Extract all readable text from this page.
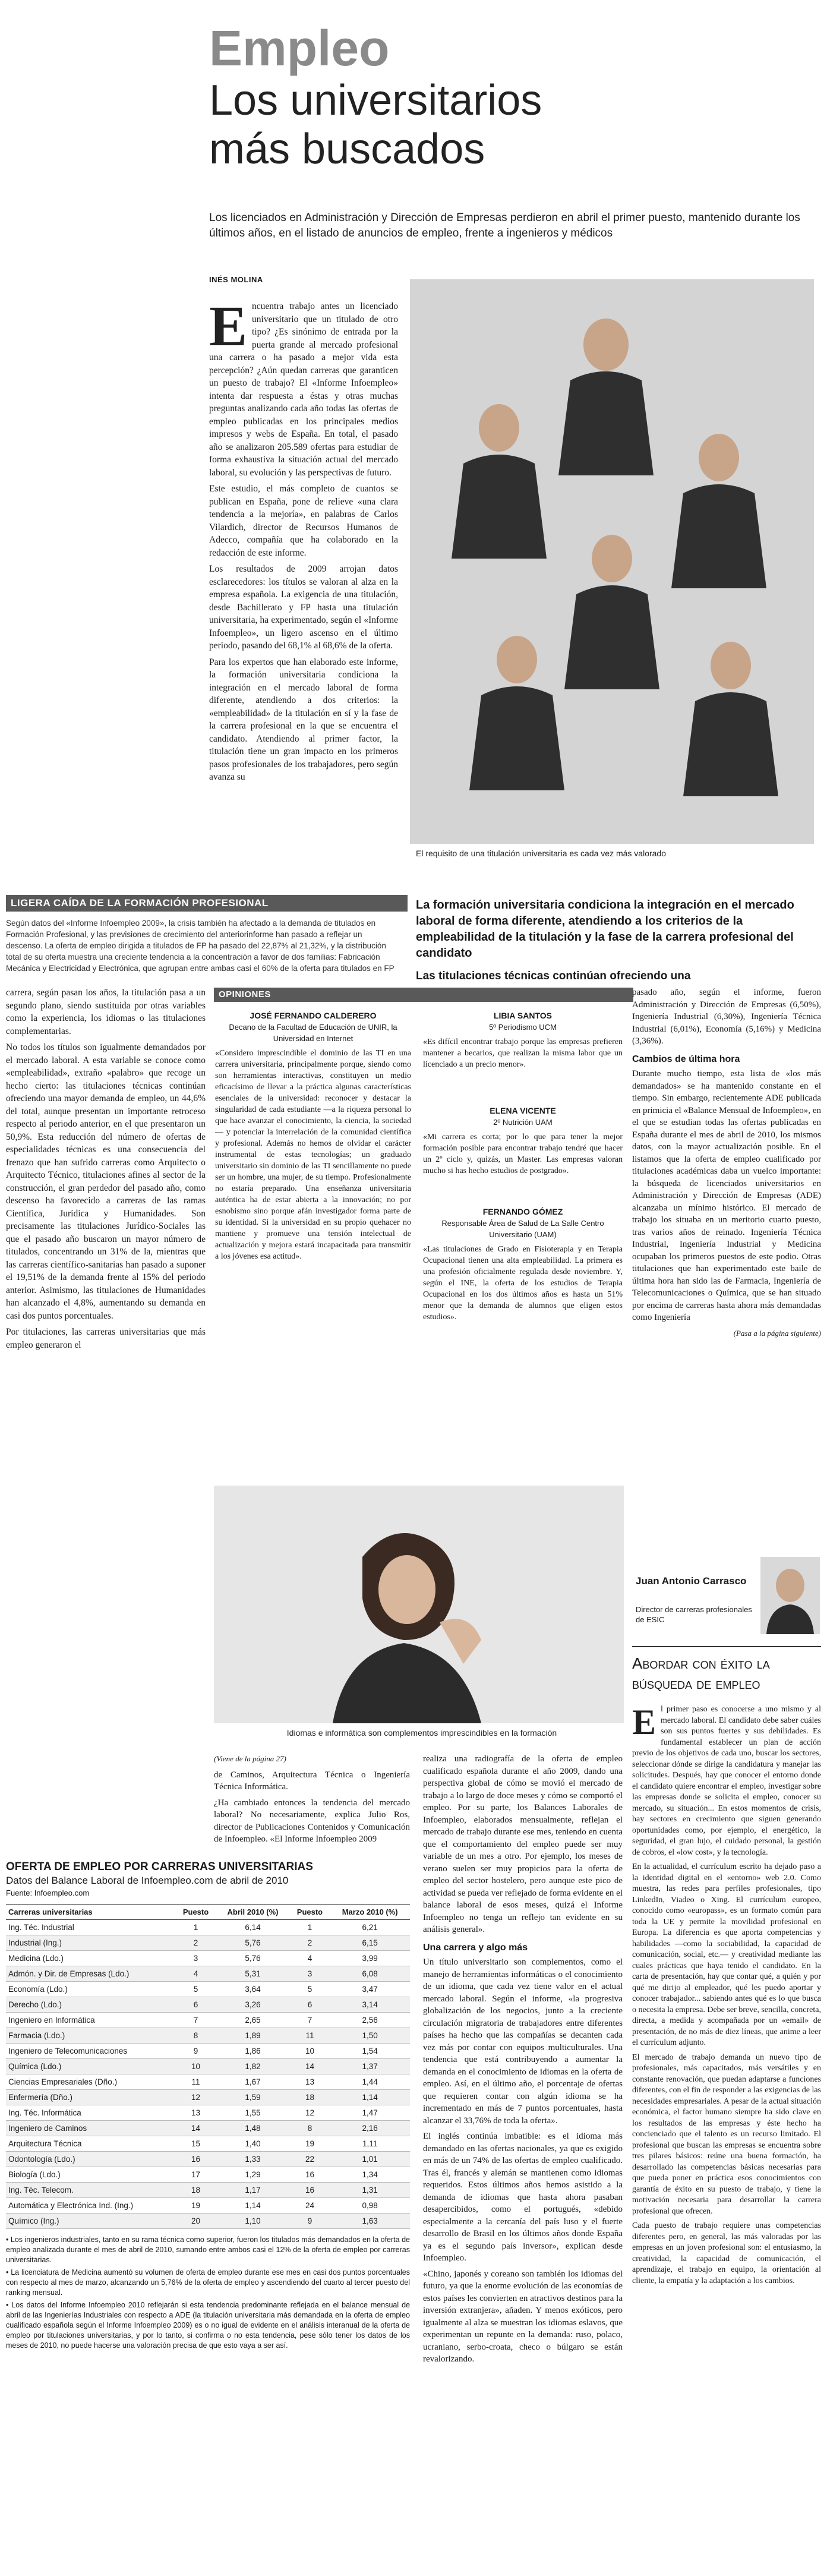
Empleo
Los universitarios
más buscados
Los licenciados en Administración y Dirección de Empresas perdieron en abril el primer puesto, mantenido durante los últimos años, en el listado de anuncios de empleo, frente a ingenieros y médicos
INÉS MOLINA

Encuentra trabajo antes un licenciado universitario que un titulado de otro tipo? ¿Es sinónimo de entrada por la puerta grande al mercado profesional una carrera o ha pasado a mejor vida esta percepción? ¿Aún quedan carreras que garanticen un puesto de trabajo? El «Informe Infoempleo» intenta dar respuesta a éstas y otras muchas preguntas analizando cada año todas las ofertas de empleo publicadas en los principales medios impresos y webs de España. En total, el pasado año se analizaron 205.589 ofertas para estudiar de forma exhaustiva la situación actual del mercado laboral, su evolución y las perspectivas de futuro.

Este estudio, el más completo de cuantos se publican en España, pone de relieve «una clara tendencia a la mejoría», en palabras de Carlos Vilardich, director de Recursos Humanos de Adecco, compañía que ha colaborado en la redacción de este informe.

Los resultados de 2009 arrojan datos esclarecedores: los títulos se valoran al alza en la empresa española. La exigencia de una titulación, desde Bachillerato y FP hasta una titulación universitaria, ha experimentado, según el «Informe Infoempleo», un ligero ascenso en el último periodo, pasando del 68,1% al 68,6% de la oferta.

Para los expertos que han elaborado este informe, la formación universitaria condiciona la integración en el mercado laboral de forma diferente, atendiendo a dos criterios: la «empleabilidad» de la titulación en sí y la fase de la carrera profesional en la que se encuentra el candidato. Atendiendo al primer factor, la titulación tiene un gran impacto en los primeros pasos profesionales de los trabajadores, pero según avanza su

El requisito de una titulación universitaria es cada vez más valorado
LIGERA CAÍDA DE LA FORMACIÓN PROFESIONAL
Según datos del «Informe Infoempleo 2009», la crisis también ha afectado a la demanda de titulados en Formación Profesional, y las previsiones de crecimiento del anteriorinforme han pasado a reflejar un descenso. La oferta de empleo dirigida a titulados de FP ha pasado del 22,87% al 21,32%, y la distribución total de su oferta muestra una creciente tendencia a la concentración a favor de dos familias: Fabricación Mecánica y Electricidad y Electrónica, que agrupan entre ambas casi el 60% de la oferta para titulados en FP
La formación universitaria condiciona la integración en el mercado laboral de forma diferente, atendiendo a los criterios de la empleabilidad de la titulación y la fase de la carrera profesional del candidato
Las titulaciones técnicas continúan ofreciendo una

carrera, según pasan los años, la titulación pasa a un segundo plano, siendo sustituida por otras variables como la experiencia, los idiomas o las titulaciones complementarias.

No todos los títulos son igualmente demandados por el mercado laboral. A esta variable se conoce como «empleabilidad», extraño «palabro» que recoge un hecho cierto: las titulaciones técnicas continúan ofreciendo una mayor demanda de empleo, un 44,6% del total, aunque presentan un importante retroceso respecto al periodo anterior, en el que presentaron un 50,9%. Esta reducción del número de ofertas de especialidades técnicas es una consecuencia del frenazo que han sufrido carreras como Arquitecto o Arquitecto Técnico, titulaciones afines al sector de la construcción, el gran perdedor del pasado año, como descenso ha favorecido a carreras de las ramas Científica, Jurídica y Humanidades. Son precisamente las titulaciones Jurídico-Sociales las que el pasado año buscaron un mayor número de titulados, concentrando un 31% de la, mientras que las carreras científico-sanitarias han pasado a suponer el 19,51% de la demanda frente al 15% del periodo anterior. Asimismo, las titulaciones de Humanidades han alcanzado el 4,8%, aumentando su demanda en casi dos puntos porcentuales.

Por titulaciones, las carreras universitarias que más empleo generaron el

OPINIONES
JOSÉ FERNANDO CALDERERO
Decano de la Facultad de Educación de UNIR, la Universidad en Internet

«Considero imprescindible el dominio de las TI en una carrera universitaria, principalmente porque, siendo como son herramientas interactivas, constituyen un medio eficacísimo de llevar a la práctica algunas características esenciales de la universidad: reconocer y destacar la singularidad de cada estudiante —a la riqueza personal lo que hace avanzar el conocimiento, la ciencia, la sociedad— y potenciar la interrelación de la comunidad científica y profesional. Además no hemos de olvidar el carácter instrumental de estas tecnologías; un graduado universitario sin dominio de las TI sencillamente no puede ser un hombre, una mujer, de su tiempo. Profesionalmente no estaría preparado. Una enseñanza universitaria auténtica ha de estar abierta a la innovación; no por esnobismo sino porque afán investigador forma parte de su identidad. Si la universidad en su propio quehacer no mantiene y promueve una tensión intelectual de actualización y mejora estará incapacitada para transmitir a los jóvenes esa actitud».

LIBIA SANTOS
5º Periodismo UCM

«Es difícil encontrar trabajo porque las empresas prefieren mantener a becarios, que realizan la misma labor que un licenciado a un precio menor».

ELENA VICENTE
2º Nutrición UAM

«Mi carrera es corta; por lo que para tener la mejor formación posible para encontrar trabajo tendré que hacer un 2º ciclo y, quizás, un Master. Las empresas valoran mucho si has hecho estudios de postgrado».

FERNANDO GÓMEZ
Responsable Área de Salud de La Salle Centro Universitario (UAM)

«Las titulaciones de Grado en Fisioterapia y en Terapia Ocupacional tienen una alta empleabilidad. La primera es una profesión oficialmente regulada desde noviembre. Y, según el INE, la oferta de los estudios de Terapia Ocupacional en los dos últimos años es hasta un 51% menor que la demanda de alumnos que eligen estos estudios».

pasado año, según el informe, fueron Administración y Dirección de Empresas (6,50%), Ingeniería Industrial (6,30%), Ingeniería Técnica Industrial (6,01%), Economía (5,16%) y Medicina (3,36%).

Cambios de última hora

Durante mucho tiempo, esta lista de «los más demandados» se ha mantenido constante en el tiempo. Sin embargo, recientemente ADE publicada en primicia el «Balance Mensual de Infoempleo», en el que se estudian todas las ofertas publicadas en España durante el mes de abril de 2010, los mismos datos, con la mayor actualización posible. En el listamos que la oferta de empleo cualificado por titulaciones académicas daba un vuelco importante: la búsqueda de licenciados universitarios en Administración y Dirección de Empresas (ADE) alcanzaba un mínimo histórico. El mercado de trabajo los situaba en un meritorio cuarto puesto, tras varios años de reinado. Ingeniería Técnica Industrial, Ingeniería Industrial y Medicina ocupaban los primeros puestos de este podio. Otras titulaciones que han experimentado este baile de última hora han sido las de Farmacia, Ingeniería de Telecomunicaciones o Química, que se han situado por encima de carreras hasta ahora más demandadas como Ingeniería

(Pasa a la página siguiente)

Idiomas e informática son complementos imprescindibles en la formación
Juan Antonio Carrasco
Director de carreras profesionales de ESIC
Abordar con éxito la búsqueda de empleo

El primer paso es conocerse a uno mismo y al mercado laboral. El candidato debe saber cuáles son sus puntos fuertes y sus debilidades. Es fundamental establecer un plan de acción previo de los objetivos de cada uno, buscar los sectores, seleccionar dónde se dirige la candidatura y manejar las solicitudes. Después, hay que conocer el entorno donde el candidato quiere encontrar el empleo, investigar sobre las empresas donde se solicita el empleo, conocer su mercado, su situación... En estos momentos de crisis, hay sectores en crecimiento que siguen generando oportunidades como, por ejemplo, el energético, la seguridad, el gran lujo, el cuidado personal, la gestión de cobros, el «low cost», y la tecnología.

En la actualidad, el currículum escrito ha dejado paso a la identidad digital en el «entorno» web 2.0. Como muestra, las redes para perfiles profesionales, tipo LinkedIn, Viadeo o Xing. El currículum europeo, conocido como «europass», es un formato común para toda la UE y permite la movilidad profesional en Europa. La diferencia es que aporta competencias y habilidades —como la sociabilidad, la capacidad de comunicación, social, etc.— y creatividad mediante las cuales prácticas que haya tenido el candidato. En la carta de presentación, hay que contar qué, a quién y por qué me dirijo al empleador, qué les puedo aportar y conocer trabajador... sabiendo antes qué es lo que busca o necesita la empresa. Debe ser breve, sencilla, concreta, directa, a medida y acompañada por un «email» de presentación, de no más de diez líneas, que anime a leer el currículum adjunto.

El mercado de trabajo demanda un nuevo tipo de profesionales, más capacitados, más versátiles y en constante renovación, que puedan adaptarse a funciones diferentes, con el fin de responder a las exigencias de las necesidades empresariales. A pesar de la actual situación económica, el factor humano siempre ha sido clave en los resultados de las empresas y éste hecho ha concienciado que el talento es un recurso limitado. El profesional que buscan las empresas se encuentra sobre tres pilares básicos: reúne una buena formación, ha desarrollado las competencias básicas necesarias para que pueda poner en práctica esos conocimientos con garantía de éxito en su puesto de trabajo, y tiene la motivación necesaria para desarrollar la carrera profesional que ofrecen.

Cada puesto de trabajo requiere unas competencias diferentes pero, en general, las más valoradas por las empresas en un joven profesional son: el entusiasmo, la creatividad, la capacidad de comunicación, el aprendizaje, el trabajo en equipo, la orientación al cliente, la empatía y la adaptación a los cambios.

(Viene de la página 27)

de Caminos, Arquitectura Técnica o Ingeniería Técnica Informática.

¿Ha cambiado entonces la tendencia del mercado laboral? No necesariamente, explica Julio Ros, director de Publicaciones Contenidos y Comunicación de Infoempleo. «El Informe Infoempleo 2009

realiza una radiografía de la oferta de empleo cualificado española durante el año 2009, dando una perspectiva global de cómo se movió el mercado de trabajo a lo largo de doce meses y cómo se comportó el empleo. Por su parte, los Balances Laborales de Infoempleo, elaborados mensualmente, reflejan el mercado de trabajo durante ese mes, teniendo en cuenta que el comportamiento del empleo puede ser muy variable de un mes a otro. Por ejemplo, los meses de verano suelen ser muy propicios para la oferta de empleo del sector hostelero, pero aunque este pico de actividad se pueda ver reflejado de forma evidente en el balance laboral de esos meses, quizá el Informe Infoempleo no tenga un reflejo tan evidente en su análisis general».

Una carrera y algo más

Un título universitario son complementos, como el manejo de herramientas informáticas o el conocimiento de un idioma, que cada vez tiene valor en el actual mercado laboral. Según el informe, «la progresiva globalización de los negocios, junto a la creciente circulación migratoria de trabajadores entre diferentes países ha hecho que las compañías se decanten cada vez más por contar con equipos multiculturales. Una tendencia que está contribuyendo a aumentar la demanda en el conocimiento de idiomas en la oferta de empleo. Así, en el último año, el porcentaje de ofertas que requieren contar con algún idioma se ha incrementado en más de 7 puntos porcentuales, hasta alcanzar el 33,76% de toda la oferta».

El inglés continúa imbatible: es el idioma más demandado en las ofertas nacionales, ya que es exigido en más de un 74% de las ofertas de empleo cualificado. Tras él, francés y alemán se mantienen como idiomas requeridos. Estos últimos años hemos asistido a la demanda de idiomas que hasta ahora pasaban desapercibidos, como el portugués, «debido especialmente a la cercanía del país luso y el fuerte desarrollo de Brasil en los últimos años donde España ya es el segundo país inversor», explican desde Infoempleo.

«Chino, japonés y coreano son también los idiomas del futuro, ya que la enorme evolución de las economías de estos países les convierten en atractivos destinos para la inversión extranjera», añaden. Y menos exóticos, pero igualmente al alza se muestran los idiomas eslavos, que experimentan un repunte en la demanda: ruso, polaco, ucraniano, serbo-croata, checo o búlgaro se están revalorizando.

OFERTA DE EMPLEO POR CARRERAS UNIVERSITARIAS
Datos del Balance Laboral de Infoempleo.com de abril de 2010
Fuente: Infoempleo.com
Carreras universitarias	Puesto	Abril 2010 (%)	Puesto	Marzo 2010 (%)
Ing. Téc. Industrial	1	6,14	1	6,21
Industrial (Ing.)	2	5,76	2	6,15
Medicina (Ldo.)	3	5,76	4	3,99
Admón. y Dir. de Empresas (Ldo.)	4	5,31	3	6,08
Economía (Ldo.)	5	3,64	5	3,47
Derecho (Ldo.)	6	3,26	6	3,14
Ingeniero en Informática	7	2,65	7	2,56
Farmacia (Ldo.)	8	1,89	11	1,50
Ingeniero de Telecomunicaciones	9	1,86	10	1,54
Química (Ldo.)	10	1,82	14	1,37
Ciencias Empresariales (Dño.)	11	1,67	13	1,44
Enfermería (Dño.)	12	1,59	18	1,14
Ing. Téc. Informática	13	1,55	12	1,47
Ingeniero de Caminos	14	1,48	8	2,16
Arquitectura Técnica	15	1,40	19	1,11
Odontología (Ldo.)	16	1,33	22	1,01
Biología (Ldo.)	17	1,29	16	1,34
Ing. Téc. Telecom.	18	1,17	16	1,31
Automática y Electrónica Ind. (Ing.)	19	1,14	24	0,98
Químico (Ing.)	20	1,10	9	1,63

• Los ingenieros industriales, tanto en su rama técnica como superior, fueron los titulados más demandados en la oferta de empleo analizada durante el mes de abril de 2010, sumando entre ambos casi el 12% de la oferta de empleo por carreras universitarias.

• La licenciatura de Medicina aumentó su volumen de oferta de empleo durante ese mes en casi dos puntos porcentuales con respecto al mes de marzo, alcanzando un 5,76% de la oferta de empleo y ascendiendo del cuarto al tercer puesto del ranking mensual.

• Los datos del Informe Infoempleo 2010 reflejarán si esta tendencia predominante reflejada en el balance mensual de abril de las Ingenierías Industriales con respecto a ADE (la titulación universitaria más demandada en la oferta de empleo cualificado española según el Informe Infoempleo 2009) es o no igual de evidente en el análisis interanual de la oferta de empleo por titulaciones universitarias, y por lo tanto, si confirma o no esta tendencia, pese sólo tener los datos de los meses de 2010, no puede hacerse una valoración precisa de que esto vaya a ser así.
